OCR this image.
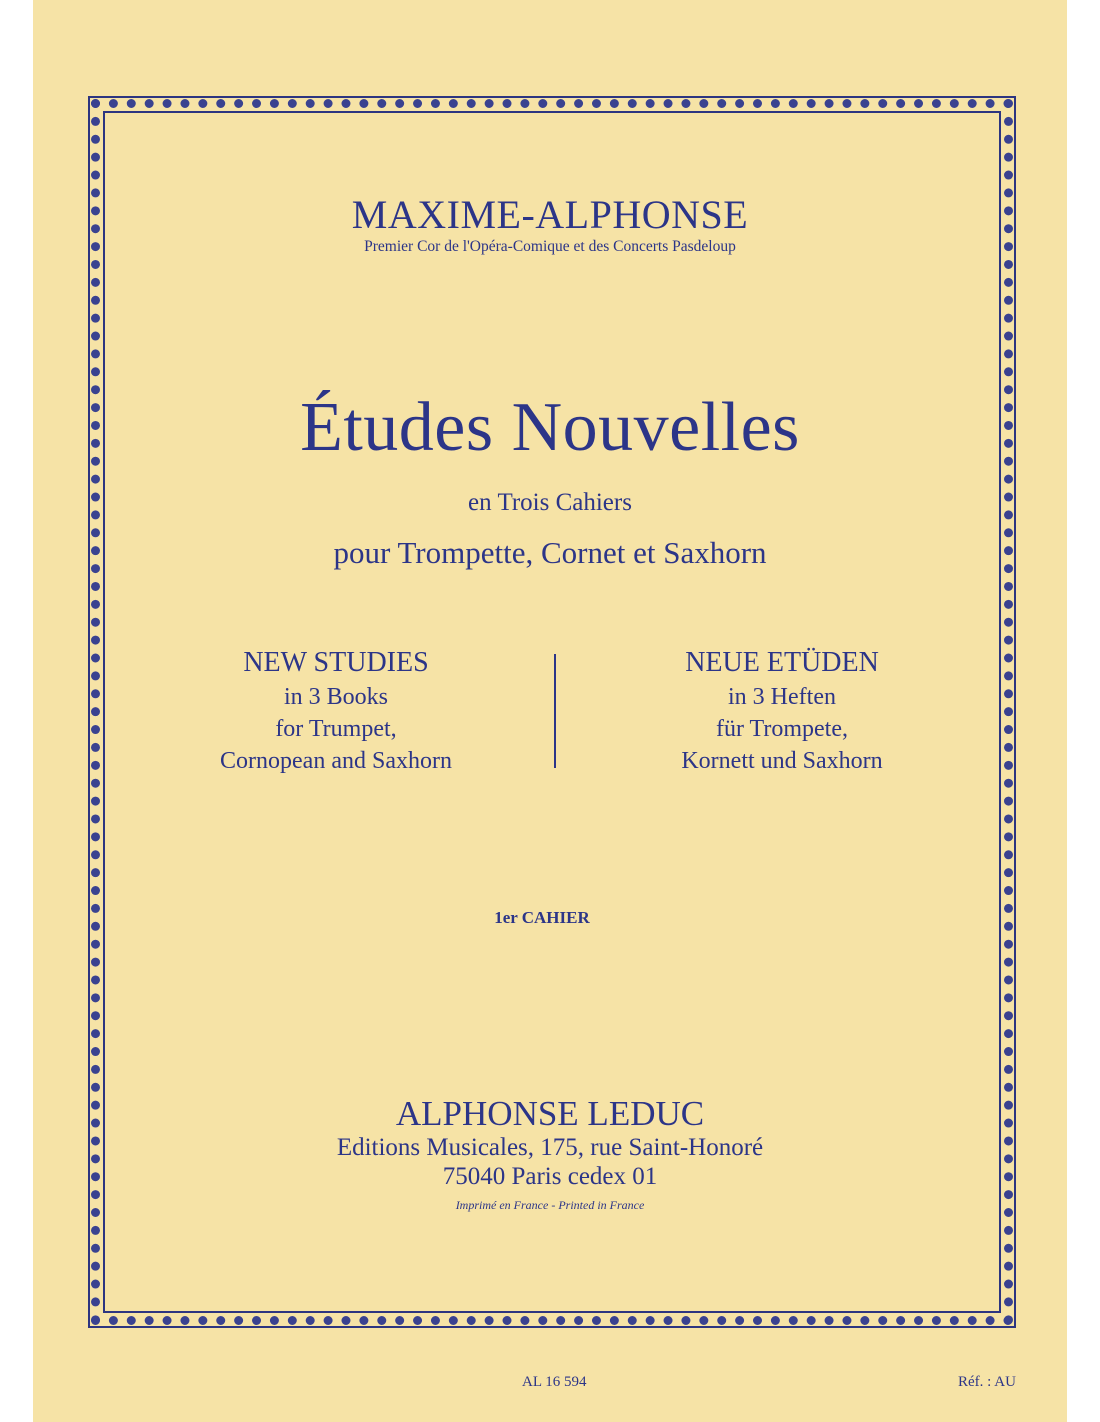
MAXIME-ALPHONSE
Premier Cor de l'Opéra-Comique et des Concerts Pasdeloup
Études Nouvelles
en Trois Cahiers
pour Trompette, Cornet et Saxhorn
NEW STUDIES
in 3 Books
for Trumpet,
Cornopean and Saxhorn
NEUE ETÜDEN
in 3 Heften
für Trompete,
Kornett und Saxhorn
1er CAHIER
ALPHONSE LEDUC
Editions Musicales, 175, rue Saint-Honoré
75040 Paris cedex 01
Imprimé en France - Printed in France
AL 16 594	Réf. : AU
